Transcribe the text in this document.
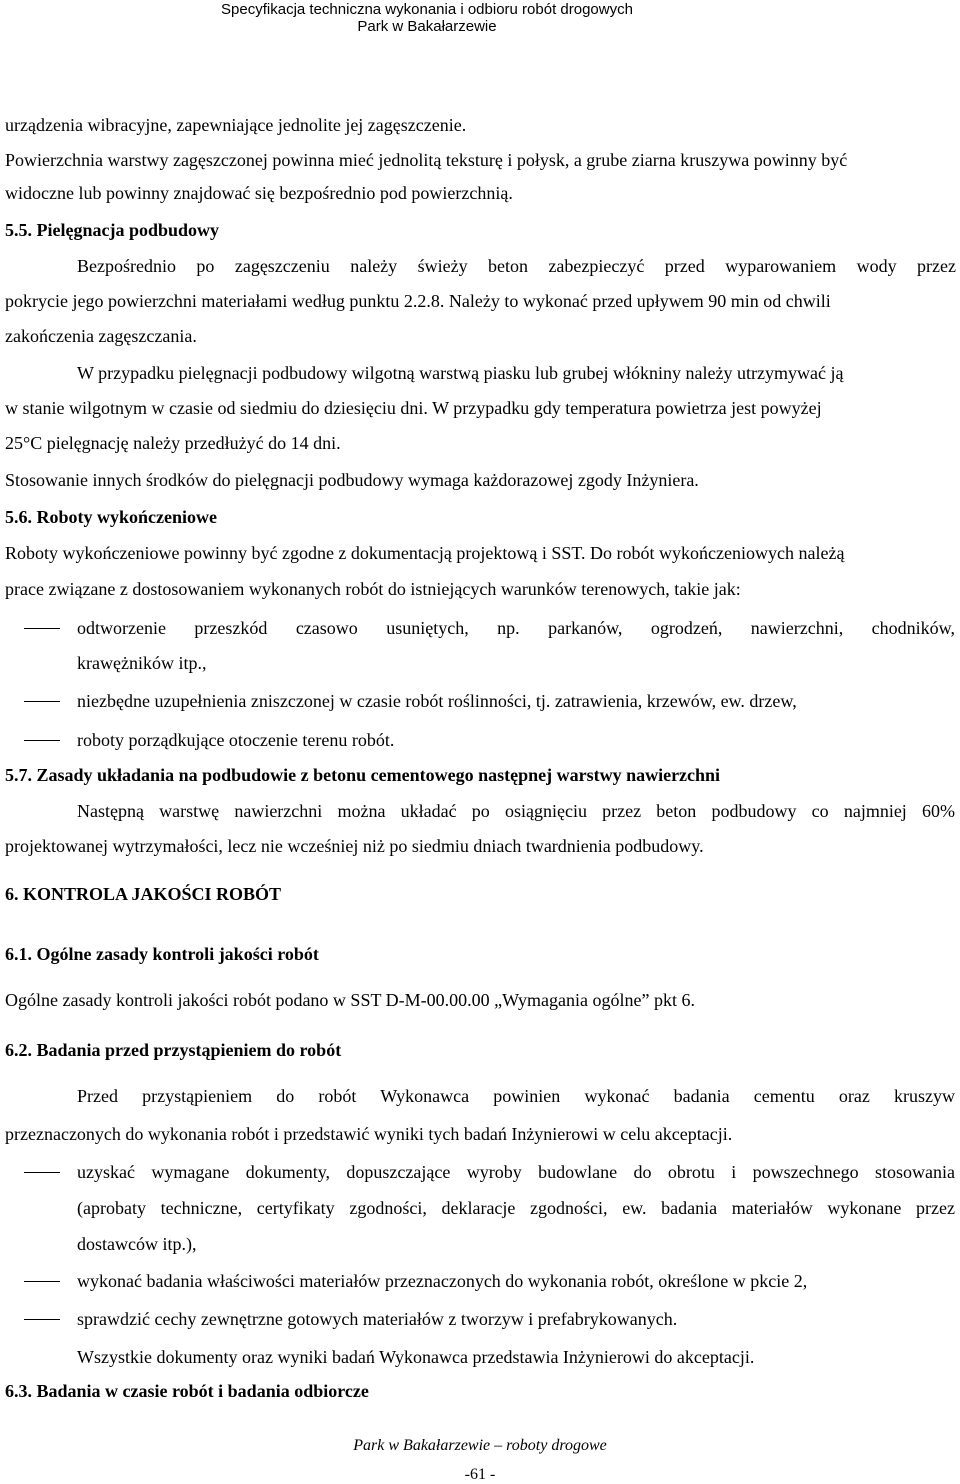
Specyfikacja techniczna wykonania i odbioru robót drogowych
Park w Bakałarzewie
urządzenia wibracyjne, zapewniające jednolite jej zagęszczenie.
Powierzchnia warstwy zagęszczonej powinna mieć jednolitą teksturę i połysk, a grube ziarna kruszywa powinny być
widoczne lub powinny znajdować się bezpośrednio pod powierzchnią.
5.5. Pielęgnacja podbudowy
Bezpośrednio po zagęszczeniu należy świeży beton zabezpieczyć przed wyparowaniem wody przez
pokrycie jego powierzchni materiałami według punktu 2.2.8. Należy to wykonać przed upływem 90 min od chwili
zakończenia zagęszczania.
W przypadku pielęgnacji podbudowy wilgotną warstwą piasku lub grubej włókniny należy utrzymywać ją
w stanie wilgotnym w czasie od siedmiu do dziesięciu dni. W przypadku gdy temperatura powietrza jest powyżej
25°C pielęgnację należy przedłużyć do 14 dni.
Stosowanie innych środków do pielęgnacji podbudowy wymaga każdorazowej zgody Inżyniera.
5.6. Roboty wykończeniowe
Roboty wykończeniowe powinny być zgodne z dokumentacją projektową i SST. Do robót wykończeniowych należą
prace związane z dostosowaniem wykonanych robót do istniejących warunków terenowych, takie jak:
odtworzenie przeszkód czasowo usuniętych, np. parkanów, ogrodzeń, nawierzchni, chodników,
krawężników itp.,
niezbędne uzupełnienia zniszczonej w czasie robót roślinności, tj. zatrawienia, krzewów, ew. drzew,
roboty porządkujące otoczenie terenu robót.
5.7. Zasady układania na podbudowie z betonu cementowego następnej warstwy nawierzchni
Następną warstwę nawierzchni można układać po osiągnięciu przez beton podbudowy co najmniej 60%
projektowanej wytrzymałości, lecz nie wcześniej niż po siedmiu dniach twardnienia podbudowy.
6. KONTROLA JAKOŚCI ROBÓT
6.1. Ogólne zasady kontroli jakości robót
Ogólne zasady kontroli jakości robót podano w SST D-M-00.00.00 „Wymagania ogólne” pkt 6.
6.2. Badania przed przystąpieniem do robót
Przed przystąpieniem do robót Wykonawca powinien wykonać badania cementu oraz kruszyw
przeznaczonych do wykonania robót i przedstawić wyniki tych badań Inżynierowi w celu akceptacji.
uzyskać wymagane dokumenty, dopuszczające wyroby budowlane do obrotu i powszechnego stosowania
(aprobaty techniczne, certyfikaty zgodności, deklaracje zgodności, ew. badania materiałów wykonane przez
dostawców itp.),
wykonać badania właściwości materiałów przeznaczonych do wykonania robót, określone w pkcie 2,
sprawdzić cechy zewnętrzne gotowych materiałów z tworzyw i prefabrykowanych.
Wszystkie dokumenty oraz wyniki badań Wykonawca przedstawia Inżynierowi do akceptacji.
6.3. Badania w czasie robót i badania odbiorcze
Park w Bakałarzewie – roboty drogowe
-61 -
